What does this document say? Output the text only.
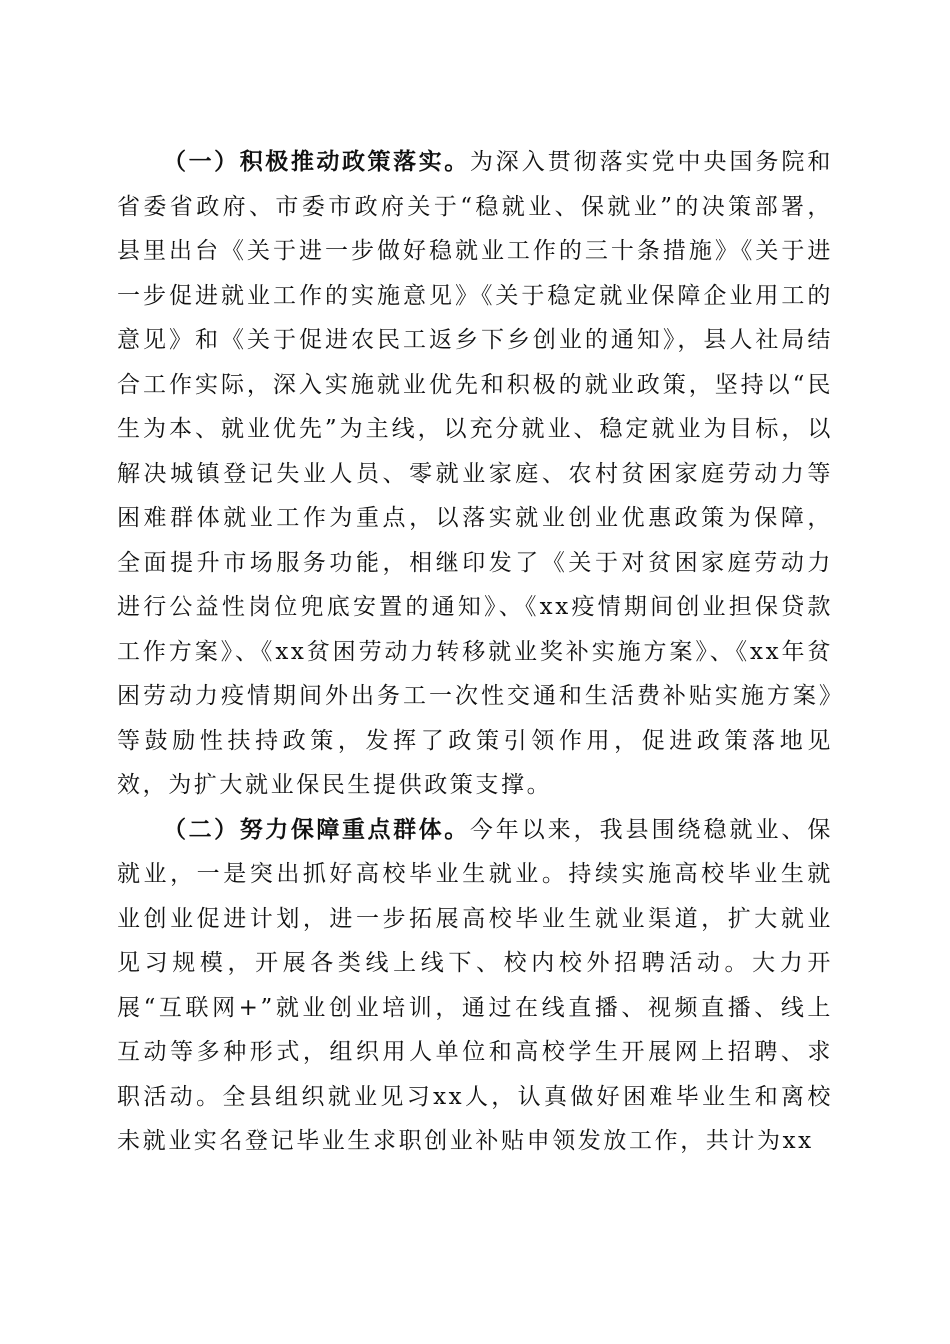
（一）积极推动政策落实。为深入贯彻落实党中央国务院和省委省政府、市委市政府关于“稳就业、保就业”的决策部署，县里出台《关于进一步做好稳就业工作的三十条措施》《关于进一步促进就业工作的实施意见》《关于稳定就业保障企业用工的意见》和《关于促进农民工返乡下乡创业的通知》，县人社局结合工作实际，深入实施就业优先和积极的就业政策，坚持以“民生为本、就业优先”为主线，以充分就业、稳定就业为目标，以解决城镇登记失业人员、零就业家庭、农村贫困家庭劳动力等困难群体就业工作为重点，以落实就业创业优惠政策为保障，全面提升市场服务功能，相继印发了《关于对贫困家庭劳动力进行公益性岗位兜底安置的通知》、《xx疫情期间创业担保贷款工作方案》、《xx贫困劳动力转移就业奖补实施方案》、《xx年贫困劳动力疫情期间外出务工一次性交通和生活费补贴实施方案》等鼓励性扶持政策，发挥了政策引领作用，促进政策落地见效，为扩大就业保民生提供政策支撑。

（二）努力保障重点群体。今年以来，我县围绕稳就业、保就业，一是突出抓好高校毕业生就业。持续实施高校毕业生就业创业促进计划，进一步拓展高校毕业生就业渠道，扩大就业见习规模，开展各类线上线下、校内校外招聘活动。大力开展“互联网+”就业创业培训，通过在线直播、视频直播、线上互动等多种形式，组织用人单位和高校学生开展网上招聘、求职活动。全县组织就业见习xx人，认真做好困难毕业生和离校未就业实名登记毕业生求职创业补贴申领发放工作，共计为xx
